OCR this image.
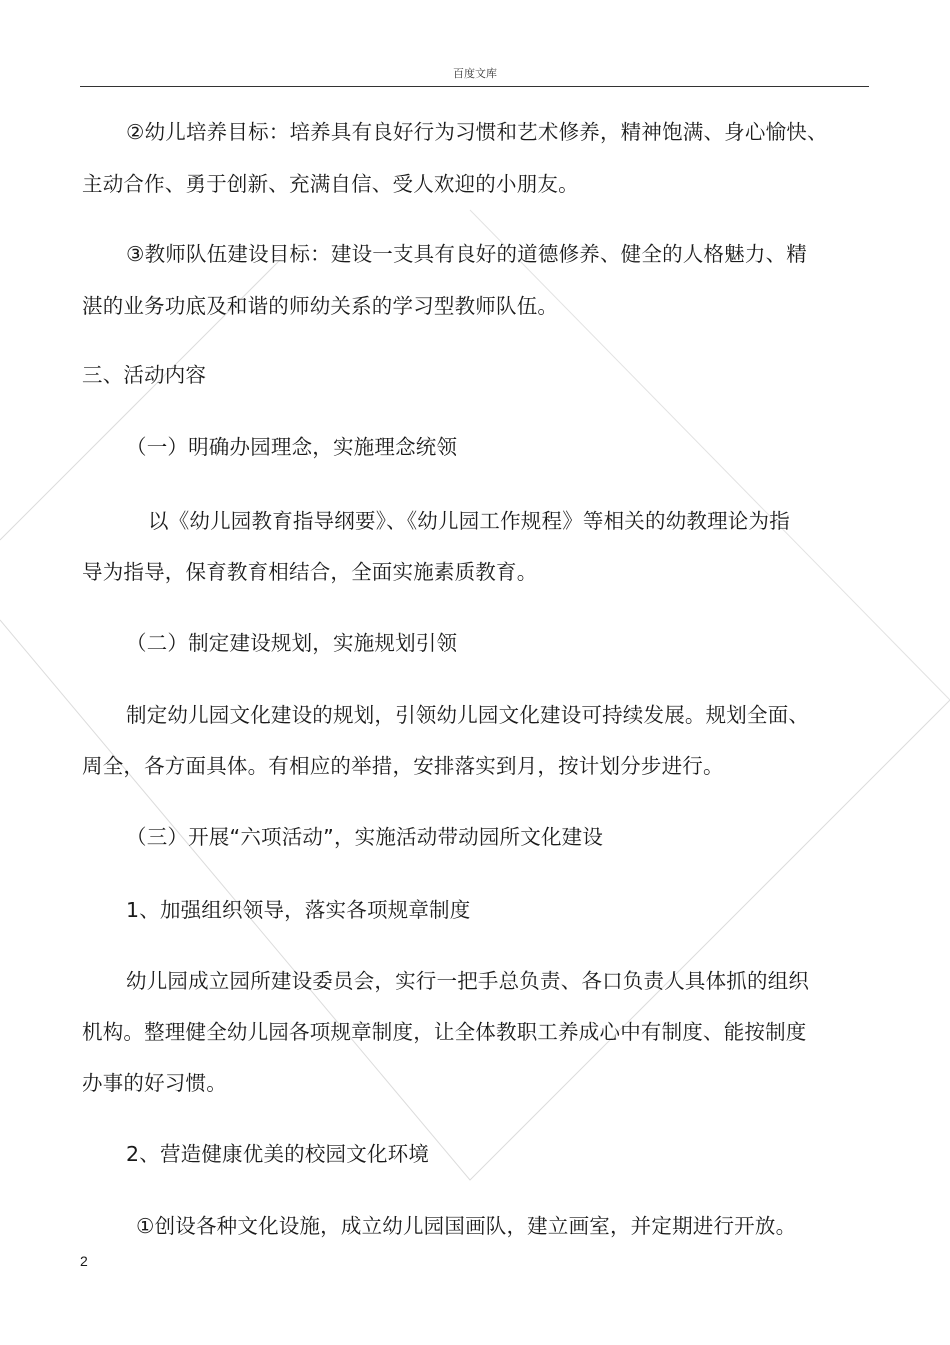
百度文库
②幼儿培养目标：培养具有良好行为习惯和艺术修养，精神饱满、身心愉快、
主动合作、勇于创新、充满自信、受人欢迎的小朋友。
③教师队伍建设目标：建设一支具有良好的道德修养、健全的人格魅力、精
湛的业务功底及和谐的师幼关系的学习型教师队伍。
三、活动内容
（一）明确办园理念，实施理念统领
以《幼儿园教育指导纲要》、《幼儿园工作规程》等相关的幼教理论为指
导为指导，保育教育相结合，全面实施素质教育。
（二）制定建设规划，实施规划引领
制定幼儿园文化建设的规划，引领幼儿园文化建设可持续发展。规划全面、
周全，各方面具体。有相应的举措，安排落实到月，按计划分步进行。
（三）开展“六项活动”，实施活动带动园所文化建设
1、加强组织领导，落实各项规章制度
幼儿园成立园所建设委员会，实行一把手总负责、各口负责人具体抓的组织
机构。整理健全幼儿园各项规章制度，让全体教职工养成心中有制度、能按制度
办事的好习惯。
2、营造健康优美的校园文化环境
①创设各种文化设施，成立幼儿园国画队，建立画室，并定期进行开放。
2
